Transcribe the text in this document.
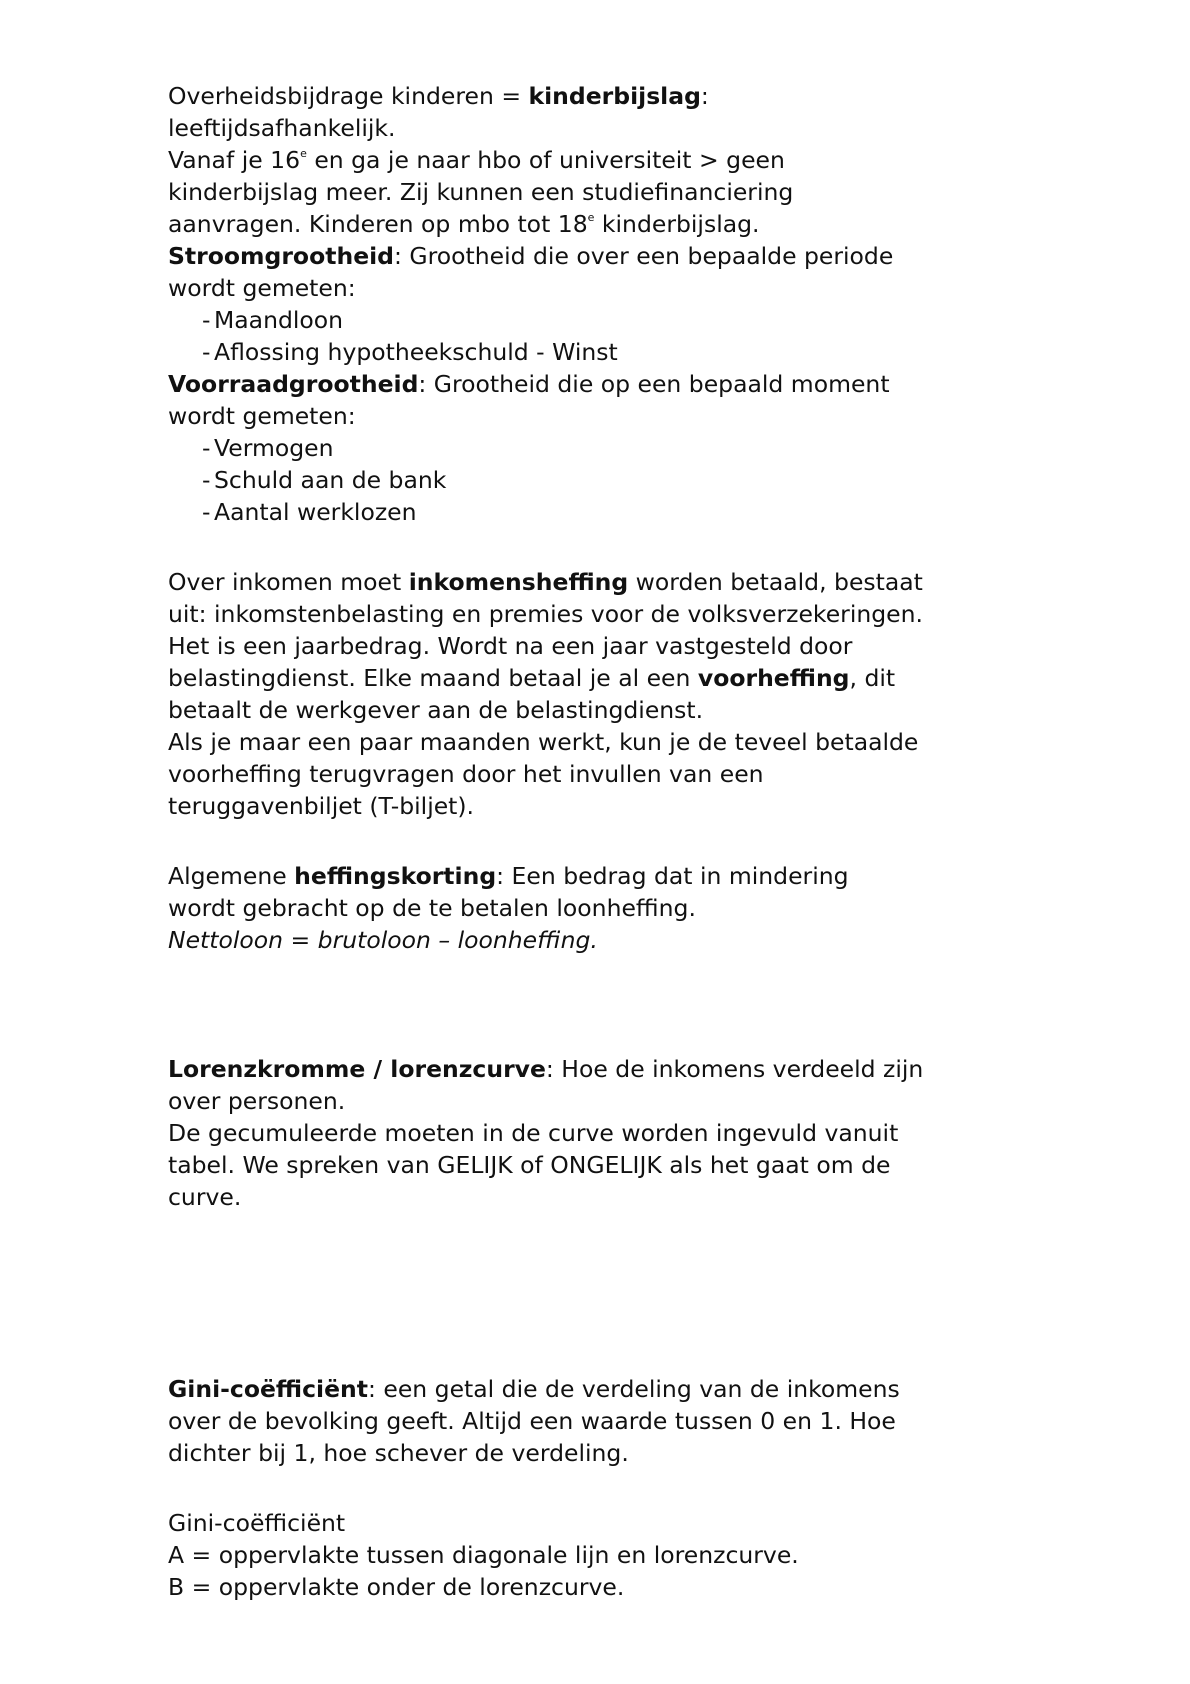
Overheidsbijdrage kinderen = kinderbijslag:
leeftijdsafhankelijk.
Vanaf je 16e en ga je naar hbo of universiteit > geen
kinderbijslag meer. Zij kunnen een studiefinanciering
aanvragen. Kinderen op mbo tot 18e kinderbijslag.
Stroomgrootheid: Grootheid die over een bepaalde periode
wordt gemeten:
- Maandloon
- Aflossing hypotheekschuld - Winst
Voorraadgrootheid: Grootheid die op een bepaald moment
wordt gemeten:
- Vermogen
- Schuld aan de bank
- Aantal werklozen
Over inkomen moet inkomensheffing worden betaald, bestaat
uit: inkomstenbelasting en premies voor de volksverzekeringen.
Het is een jaarbedrag. Wordt na een jaar vastgesteld door
belastingdienst. Elke maand betaal je al een voorheffing, dit
betaalt de werkgever aan de belastingdienst.
Als je maar een paar maanden werkt, kun je de teveel betaalde
voorheffing terugvragen door het invullen van een
teruggavenbiljet (T-biljet).
Algemene heffingskorting: Een bedrag dat in mindering
wordt gebracht op de te betalen loonheffing.
Nettoloon = brutoloon – loonheffing.
Lorenzkromme / lorenzcurve: Hoe de inkomens verdeeld zijn
over personen.
De gecumuleerde moeten in de curve worden ingevuld vanuit
tabel. We spreken van GELIJK of ONGELIJK als het gaat om de
curve.
Gini-coëfficiënt: een getal die de verdeling van de inkomens
over de bevolking geeft. Altijd een waarde tussen 0 en 1. Hoe
dichter bij 1, hoe schever de verdeling.
Gini-coëfficiënt
A = oppervlakte tussen diagonale lijn en lorenzcurve.
B = oppervlakte onder de lorenzcurve.
